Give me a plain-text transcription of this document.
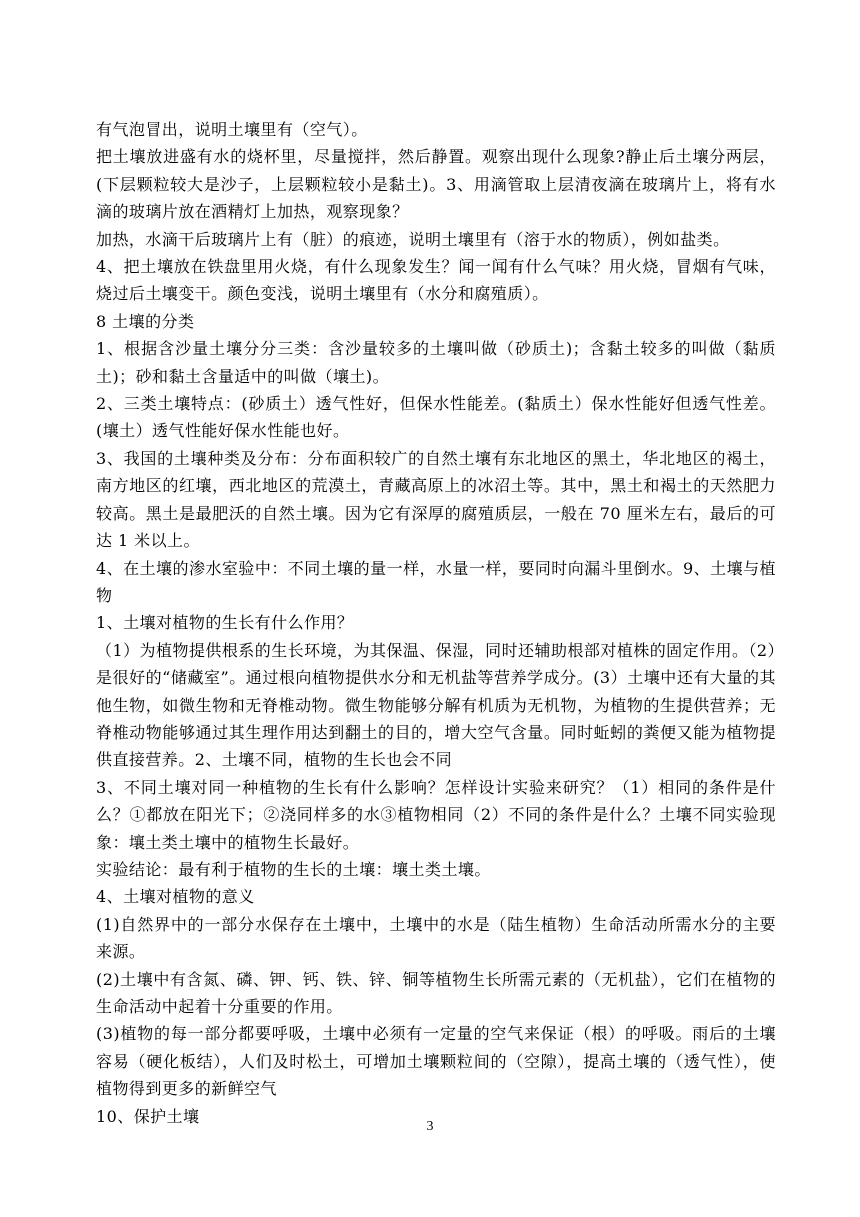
有气泡冒出，说明土壤里有（空气）。

把土壤放进盛有水的烧杯里，尽量搅拌，然后静置。观察出现什么现象?静止后土壤分两层，(下层颗粒较大是沙子，上层颗粒较小是黏土)。3、用滴管取上层清夜滴在玻璃片上，将有水滴的玻璃片放在酒精灯上加热，观察现象？

加热，水滴干后玻璃片上有（脏）的痕迹，说明土壤里有（溶于水的物质），例如盐类。

4、把土壤放在铁盘里用火烧，有什么现象发生？闻一闻有什么气味？用火烧，冒烟有气味，烧过后土壤变干。颜色变浅，说明土壤里有（水分和腐殖质）。

8 土壤的分类

1、根据含沙量土壤分分三类：含沙量较多的土壤叫做（砂质土)；含黏土较多的叫做（黏质土)；砂和黏土含量适中的叫做（壤土)。

2、三类土壤特点：(砂质土）透气性好，但保水性能差。(黏质土）保水性能好但透气性差。(壤土）透气性能好保水性能也好。

3、我国的土壤种类及分布：分布面积较广的自然土壤有东北地区的黑土，华北地区的褐土，南方地区的红壤，西北地区的荒漠土，青藏高原上的冰沼土等。其中，黑土和褐土的天然肥力较高。黑土是最肥沃的自然土壤。因为它有深厚的腐殖质层，一般在 70 厘米左右，最后的可达 1 米以上。

4、在土壤的渗水室验中：不同土壤的量一样，水量一样，要同时向漏斗里倒水。9、土壤与植物

1、土壤对植物的生长有什么作用？

（1）为植物提供根系的生长环境，为其保温、保湿，同时还辅助根部对植株的固定作用。（2）是很好的“储藏室”。通过根向植物提供水分和无机盐等营养学成分。(3）土壤中还有大量的其他生物，如微生物和无脊椎动物。微生物能够分解有机质为无机物，为植物的生提供营养；无脊椎动物能够通过其生理作用达到翻土的目的，增大空气含量。同时蚯蚓的粪便又能为植物提供直接营养。2、土壤不同，植物的生长也会不同

3、不同土壤对同一种植物的生长有什么影响？怎样设计实验来研究？（1）相同的条件是什么？①都放在阳光下；②浇同样多的水③植物相同（2）不同的条件是什么？土壤不同实验现象：壤土类土壤中的植物生长最好。

实验结论：最有利于植物的生长的土壤：壤土类土壤。

4、土壤对植物的意义

(1)自然界中的一部分水保存在土壤中，土壤中的水是（陆生植物）生命活动所需水分的主要来源。

(2)土壤中有含氮、磷、钾、钙、铁、锌、铜等植物生长所需元素的（无机盐），它们在植物的生命活动中起着十分重要的作用。

(3)植物的每一部分都要呼吸，土壤中必须有一定量的空气来保证（根）的呼吸。雨后的土壤容易（硬化板结），人们及时松土，可增加土壤颗粒间的（空隙），提高土壤的（透气性），使植物得到更多的新鲜空气

10、保护土壤

3
